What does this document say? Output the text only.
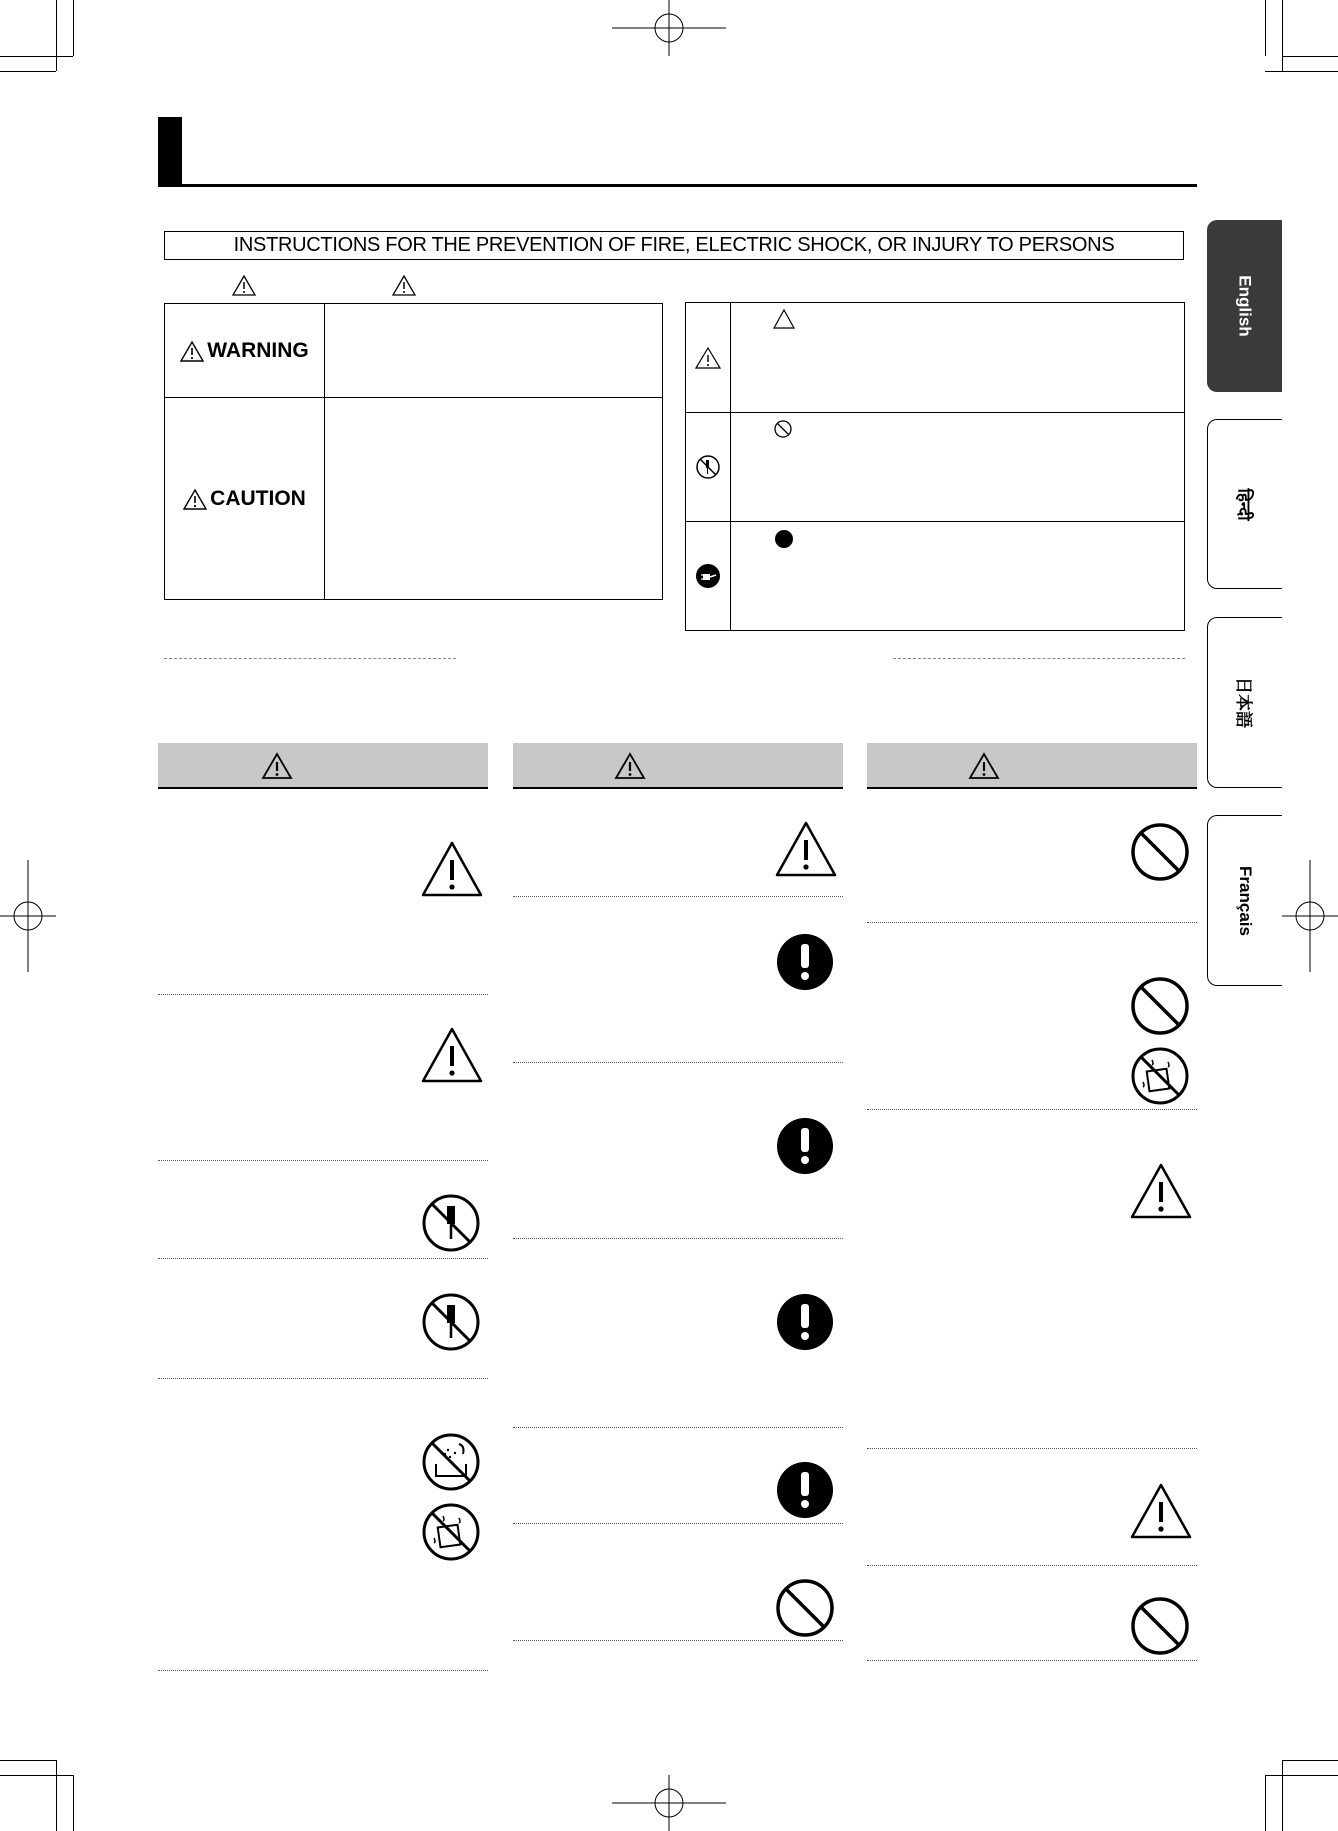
INSTRUCTIONS FOR THE PREVENTION OF FIRE, ELECTRIC SHOCK, OR INJURY TO PERSONS
WARNING
CAUTION
English
हिन्दी
日本語
Français
